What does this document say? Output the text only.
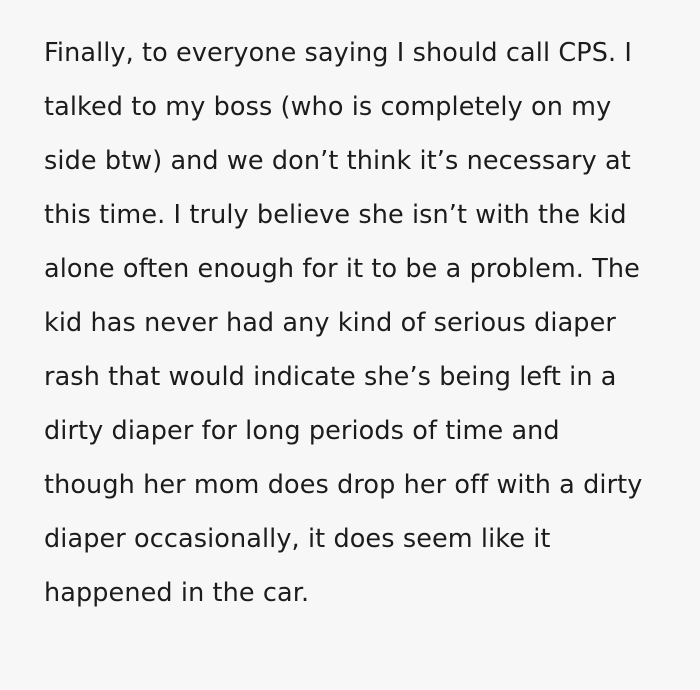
Finally, to everyone saying I should call CPS. I talked to my boss (who is completely on my side btw) and we don’t think it’s necessary at this time. I truly believe she isn’t with the kid alone often enough for it to be a problem. The kid has never had any kind of serious diaper rash that would indicate she’s being left in a dirty diaper for long periods of time and though her mom does drop her off with a dirty diaper occasionally, it does seem like it happened in the car.
